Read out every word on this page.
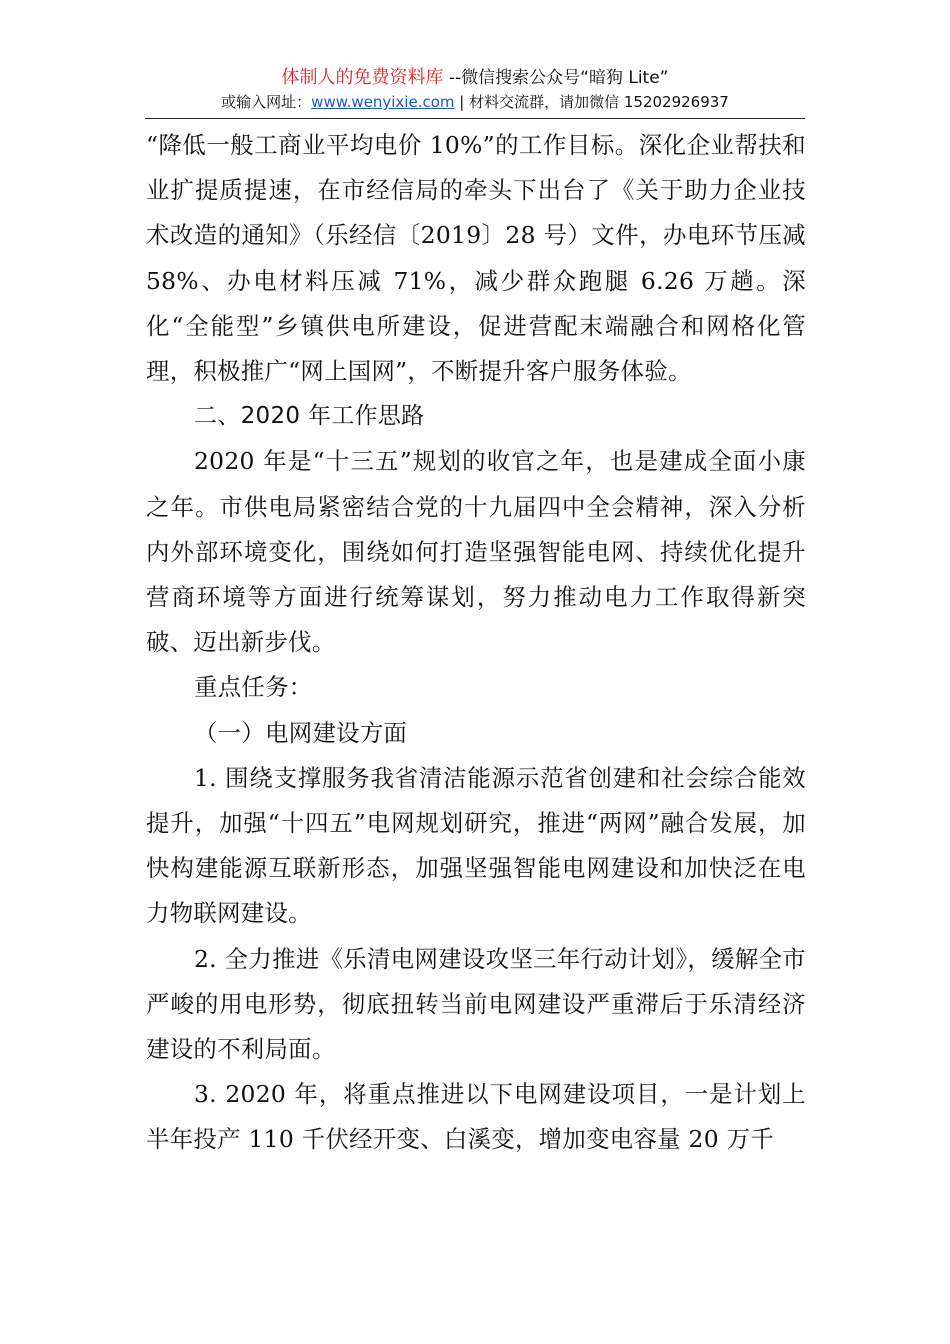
体制人的免费资料库 --微信搜索公众号“暗狗 Lite”
或输入网址：www.wenyixie.com | 材料交流群，请加微信 15202926937

“降低一般工商业平均电价 10%”的工作目标。深化企业帮扶和业扩提质提速，在市经信局的牵头下出台了《关于助力企业技术改造的通知》（乐经信〔2019〕28 号）文件，办电环节压减 58%、办电材料压减 71%，减少群众跑腿 6.26 万趟。深化“全能型”乡镇供电所建设，促进营配末端融合和网格化管理，积极推广“网上国网”，不断提升客户服务体验。

二、2020 年工作思路

2020 年是“十三五”规划的收官之年，也是建成全面小康之年。市供电局紧密结合党的十九届四中全会精神，深入分析内外部环境变化，围绕如何打造坚强智能电网、持续优化提升营商环境等方面进行统筹谋划，努力推动电力工作取得新突破、迈出新步伐。

重点任务：

（一）电网建设方面

1. 围绕支撑服务我省清洁能源示范省创建和社会综合能效提升，加强“十四五”电网规划研究，推进“两网”融合发展，加快构建能源互联新形态，加强坚强智能电网建设和加快泛在电力物联网建设。

2. 全力推进《乐清电网建设攻坚三年行动计划》，缓解全市严峻的用电形势，彻底扭转当前电网建设严重滞后于乐清经济建设的不利局面。

3. 2020 年，将重点推进以下电网建设项目，一是计划上半年投产 110 千伏经开变、白溪变，增加变电容量 20 万千
